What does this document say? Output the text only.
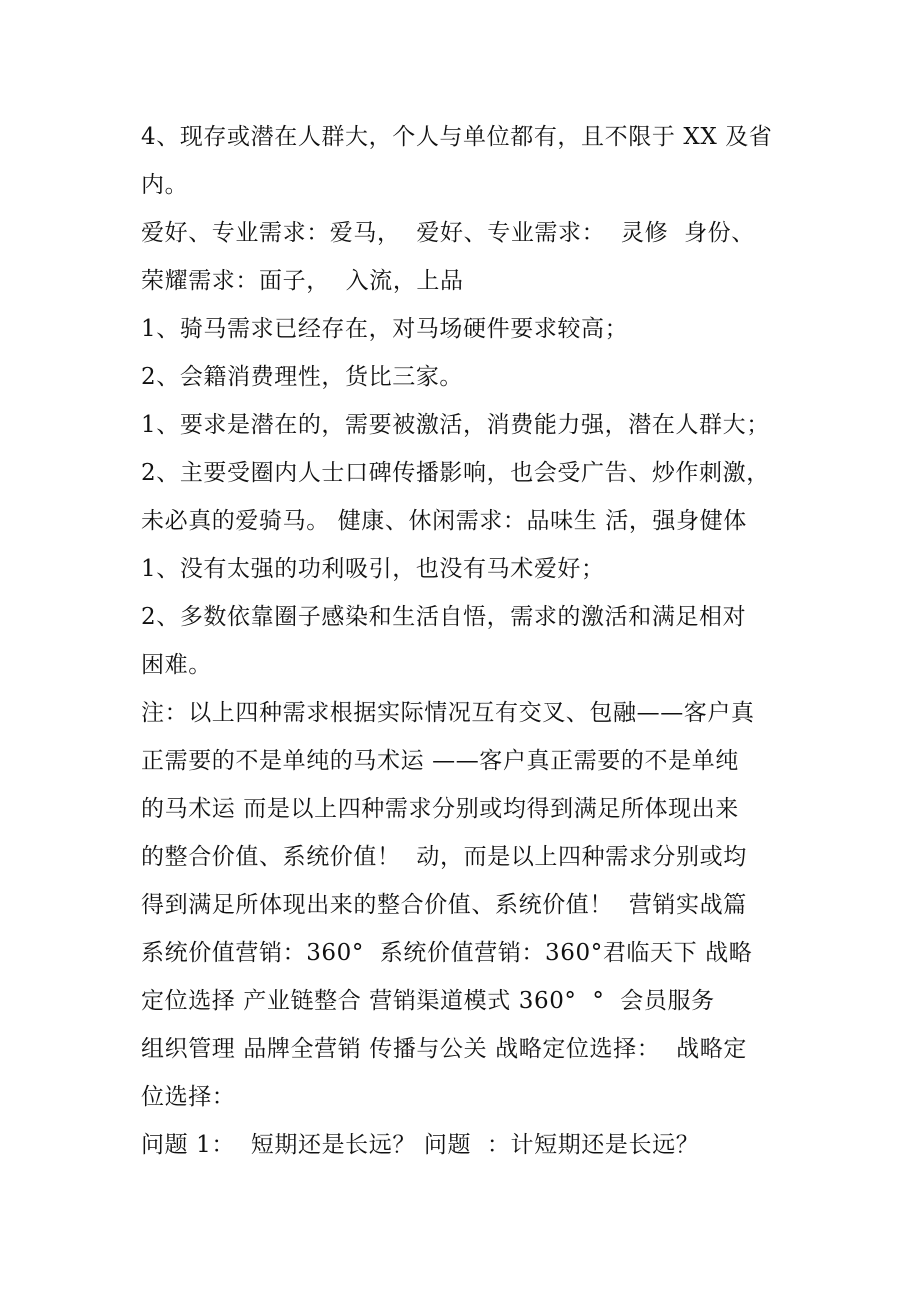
4、现存或潜在人群大，个人与单位都有，且不限于 XX 及省
内。
爱好、专业需求：爱马，  爱好、专业需求：  灵修  身份、
荣耀需求：面子，  入流，上品
1、骑马需求已经存在，对马场硬件要求较高；
2、会籍消费理性，货比三家。
1、要求是潜在的，需要被激活，消费能力强，潜在人群大；
2、主要受圈内人士口碑传播影响，也会受广告、炒作刺激，
未必真的爱骑马。 健康、休闲需求：品味生 活，强身健体
1、没有太强的功利吸引，也没有马术爱好；
2、多数依靠圈子感染和生活自悟，需求的激活和满足相对
困难。
注：以上四种需求根据实际情况互有交叉、包融——客户真
正需要的不是单纯的马术运 ——客户真正需要的不是单纯
的马术运 而是以上四种需求分别或均得到满足所体现出来
的整合价值、系统价值！  动，而是以上四种需求分别或均
得到满足所体现出来的整合价值、系统价值！  营销实战篇
系统价值营销：360°  系统价值营销：360°君临天下 战略
定位选择 产业链整合 营销渠道模式 360°  °  会员服务
组织管理 品牌全营销 传播与公关 战略定位选择：  战略定
位选择：
问题 1：  短期还是长远？ 问题  ：计短期还是长远？
